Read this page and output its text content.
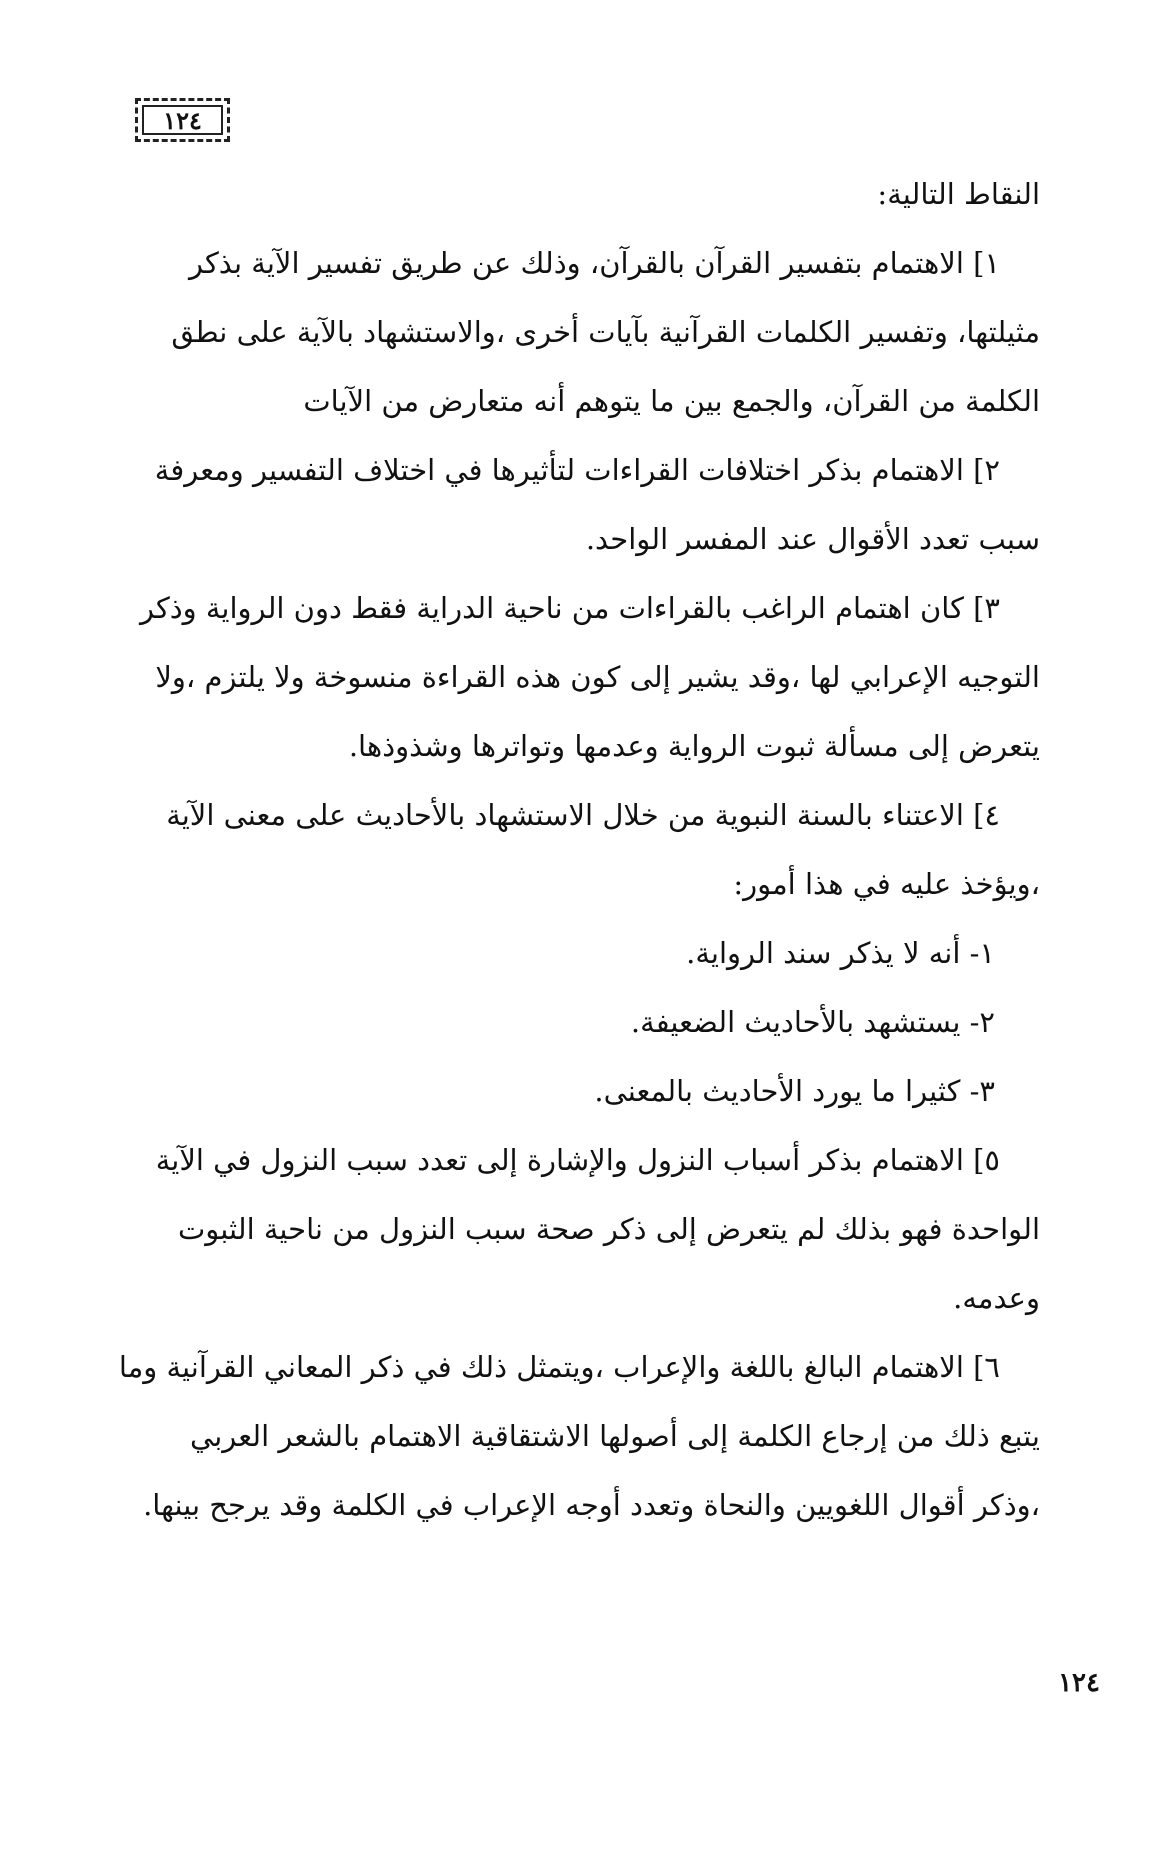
١٢٤
النقاط التالية:
١] الاهتمام بتفسير القرآن بالقرآن، وذلك عن طريق تفسير الآية بذكر
مثيلتها، وتفسير الكلمات القرآنية بآيات أخرى ،والاستشهاد بالآية على نطق
الكلمة من القرآن، والجمع بين ما يتوهم أنه متعارض من الآيات
٢] الاهتمام بذكر اختلافات القراءات لتأثيرها في اختلاف التفسير ومعرفة
سبب تعدد الأقوال عند المفسر الواحد.
٣] كان اهتمام الراغب بالقراءات من ناحية الدراية فقط دون الرواية وذكر
التوجيه الإعرابي لها ،وقد يشير إلى كون هذه القراءة منسوخة ولا يلتزم ،ولا
يتعرض إلى مسألة ثبوت الرواية وعدمها وتواترها وشذوذها.
٤] الاعتناء بالسنة النبوية من خلال الاستشهاد بالأحاديث على معنى الآية
،ويؤخذ عليه في هذا أمور:
١- أنه لا يذكر سند الرواية.
٢- يستشهد بالأحاديث الضعيفة.
٣- كثيرا ما يورد الأحاديث بالمعنى.
٥] الاهتمام بذكر أسباب النزول والإشارة إلى تعدد سبب النزول في الآية
الواحدة فهو بذلك لم يتعرض إلى ذكر صحة سبب النزول من ناحية الثبوت
وعدمه.
٦] الاهتمام البالغ باللغة والإعراب ،ويتمثل ذلك في ذكر المعاني القرآنية وما
يتبع ذلك من إرجاع الكلمة إلى أصولها الاشتقاقية الاهتمام بالشعر العربي
،وذكر أقوال اللغويين والنحاة وتعدد أوجه الإعراب في الكلمة وقد يرجح بينها.
١٢٤
